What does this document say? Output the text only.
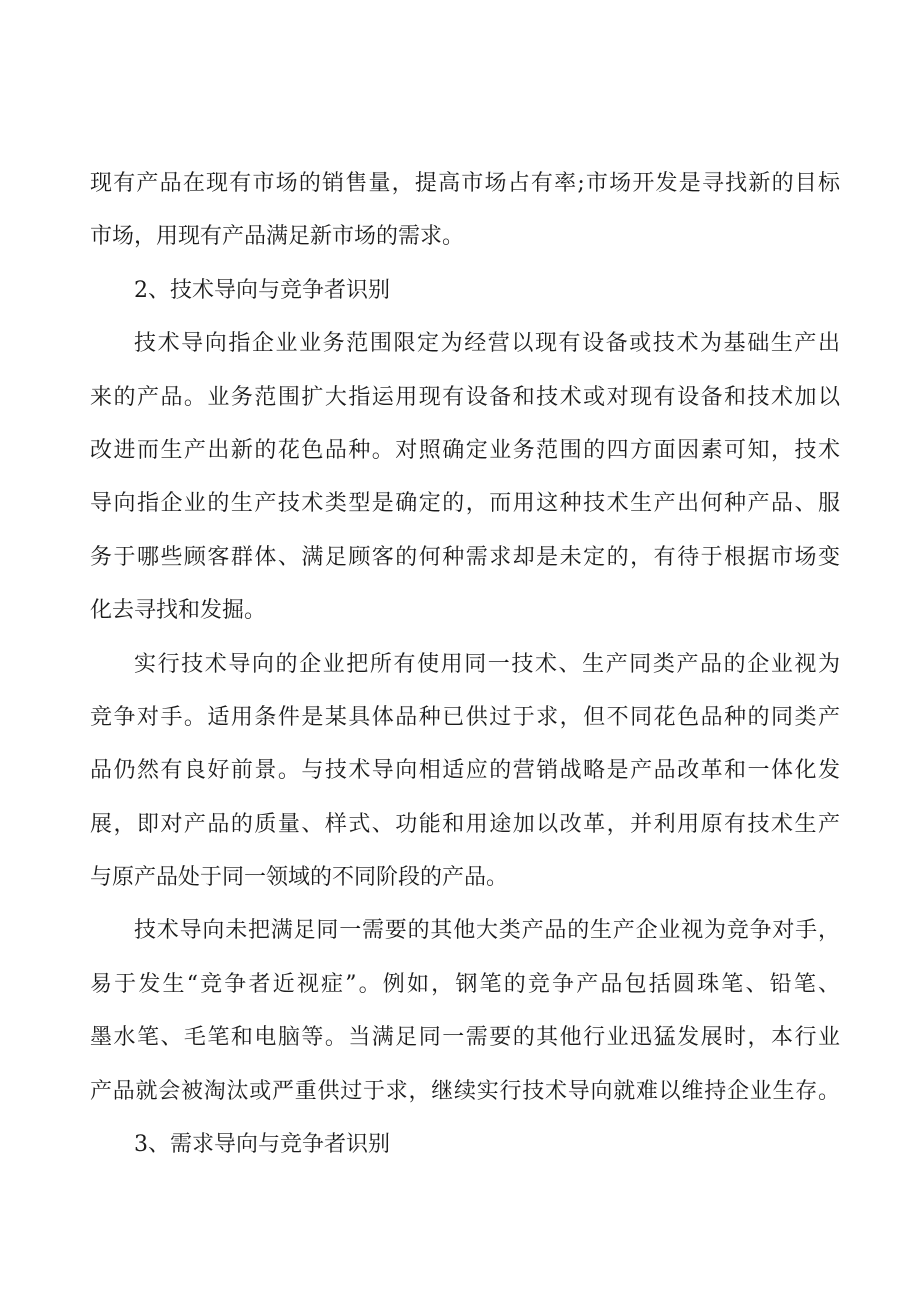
现有产品在现有市场的销售量，提高市场占有率;市场开发是寻找新的目标
市场，用现有产品满足新市场的需求。
2、技术导向与竞争者识别
技术导向指企业业务范围限定为经营以现有设备或技术为基础生产出
来的产品。业务范围扩大指运用现有设备和技术或对现有设备和技术加以
改进而生产出新的花色品种。对照确定业务范围的四方面因素可知，技术
导向指企业的生产技术类型是确定的，而用这种技术生产出何种产品、服
务于哪些顾客群体、满足顾客的何种需求却是未定的，有待于根据市场变
化去寻找和发掘。
实行技术导向的企业把所有使用同一技术、生产同类产品的企业视为
竞争对手。适用条件是某具体品种已供过于求，但不同花色品种的同类产
品仍然有良好前景。与技术导向相适应的营销战略是产品改革和一体化发
展，即对产品的质量、样式、功能和用途加以改革，并利用原有技术生产
与原产品处于同一领域的不同阶段的产品。
技术导向未把满足同一需要的其他大类产品的生产企业视为竞争对手，
易于发生“竞争者近视症”。例如，钢笔的竞争产品包括圆珠笔、铅笔、
墨水笔、毛笔和电脑等。当满足同一需要的其他行业迅猛发展时，本行业
产品就会被淘汰或严重供过于求，继续实行技术导向就难以维持企业生存。
3、需求导向与竞争者识别
